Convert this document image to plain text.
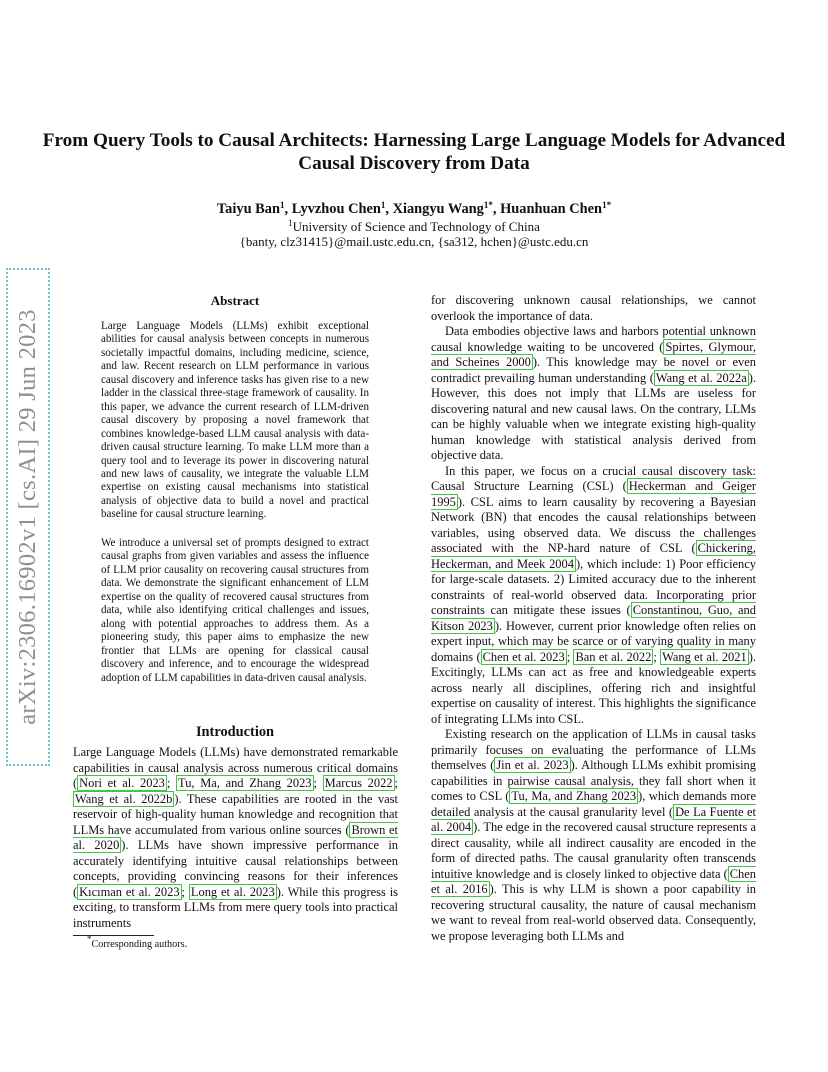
arXiv:2306.16902v1 [cs.AI] 29 Jun 2023
From Query Tools to Causal Architects: Harnessing Large Language Models for Advanced Causal Discovery from Data
Taiyu Ban$^1$, Lyvzhou Chen$^1$, Xiangyu Wang$^{1*}$, Huanhuan Chen$^{1*}$
$^1$University of Science and Technology of China
{banty, clz31415}@mail.ustc.edu.cn, {sa312, hchen}@ustc.edu.cn
Abstract

Large Language Models (LLMs) exhibit exceptional abilities for causal analysis between concepts in numerous societally impactful domains, including medicine, science, and law. Recent research on LLM performance in various causal discovery and inference tasks has given rise to a new ladder in the classical three-stage framework of causality. In this paper, we advance the current research of LLM-driven causal discovery by proposing a novel framework that combines knowledge-based LLM causal analysis with data-driven causal structure learning. To make LLM more than a query tool and to leverage its power in discovering natural and new laws of causality, we integrate the valuable LLM expertise on existing causal mechanisms into statistical analysis of objective data to build a novel and practical baseline for causal structure learning.

We introduce a universal set of prompts designed to extract causal graphs from given variables and assess the influence of LLM prior causality on recovering causal structures from data. We demonstrate the significant enhancement of LLM expertise on the quality of recovered causal structures from data, while also identifying critical challenges and issues, along with potential approaches to address them. As a pioneering study, this paper aims to emphasize the new frontier that LLMs are opening for classical causal discovery and inference, and to encourage the widespread adoption of LLM capabilities in data-driven causal analysis.

Introduction

Large Language Models (LLMs) have demonstrated remarkable capabilities in causal analysis across numerous critical domains ( Nori et al. 2023 ; Tu, Ma, and Zhang 2023 ; Marcus 2022 ; Wang et al. 2022b ). These capabilities are rooted in the vast reservoir of high-quality human knowledge and recognition that LLMs have accumulated from various online sources ( Brown et al. 2020 ). LLMs have shown impressive performance in accurately identifying intuitive causal relationships between concepts, providing convincing reasons for their inferences ( Kıcıman et al. 2023 ; Long et al. 2023 ). While this progress is exciting, to transform LLMs from mere query tools into practical instruments

*Corresponding authors.

for discovering unknown causal relationships, we cannot overlook the importance of data.

Data embodies objective laws and harbors potential unknown causal knowledge waiting to be uncovered ( Spirtes, Glymour, and Scheines 2000 ). This knowledge may be novel or even contradict prevailing human understanding ( Wang et al. 2022a ). However, this does not imply that LLMs are useless for discovering natural and new causal laws. On the contrary, LLMs can be highly valuable when we integrate existing high-quality human knowledge with statistical analysis derived from objective data.

In this paper, we focus on a crucial causal discovery task: Causal Structure Learning (CSL) ( Heckerman and Geiger 1995 ). CSL aims to learn causality by recovering a Bayesian Network (BN) that encodes the causal relationships between variables, using observed data. We discuss the challenges associated with the NP-hard nature of CSL ( Chickering, Heckerman, and Meek 2004 ), which include: 1) Poor efficiency for large-scale datasets. 2) Limited accuracy due to the inherent constraints of real-world observed data. Incorporating prior constraints can mitigate these issues ( Constantinou, Guo, and Kitson 2023 ). However, current prior knowledge often relies on expert input, which may be scarce or of varying quality in many domains ( Chen et al. 2023 ; Ban et al. 2022 ; Wang et al. 2021 ). Excitingly, LLMs can act as free and knowledgeable experts across nearly all disciplines, offering rich and insightful expertise on causality of interest. This highlights the significance of integrating LLMs into CSL.

Existing research on the application of LLMs in causal tasks primarily focuses on evaluating the performance of LLMs themselves ( Jin et al. 2023 ). Although LLMs exhibit promising capabilities in pairwise causal analysis, they fall short when it comes to CSL ( Tu, Ma, and Zhang 2023 ), which demands more detailed analysis at the causal granularity level ( De La Fuente et al. 2004 ). The edge in the recovered causal structure represents a direct causality, while all indirect causality are encoded in the form of directed paths. The causal granularity often transcends intuitive knowledge and is closely linked to objective data ( Chen et al. 2016 ). This is why LLM is shown a poor capability in recovering structural causality, the nature of causal mechanism we want to reveal from real-world observed data. Consequently, we propose leveraging both LLMs and
